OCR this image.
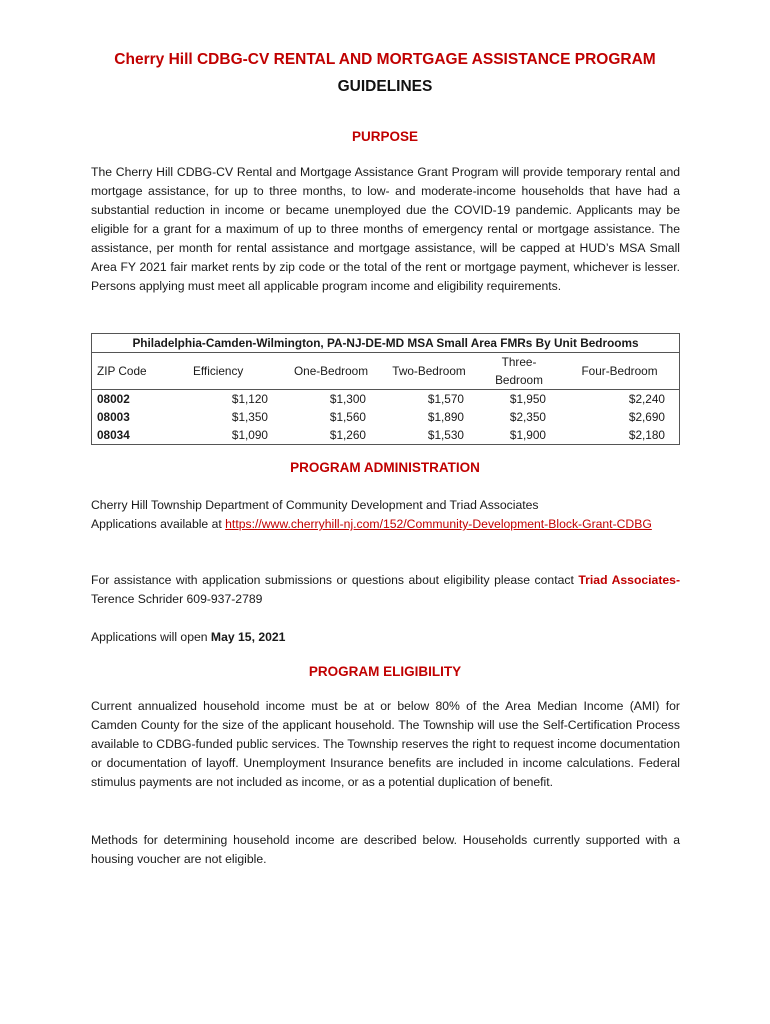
Cherry Hill CDBG-CV RENTAL AND MORTGAGE ASSISTANCE PROGRAM
GUIDELINES
PURPOSE
The Cherry Hill CDBG-CV Rental and Mortgage Assistance Grant Program will provide temporary rental and mortgage assistance, for up to three months, to low- and moderate-income households that have had a substantial reduction in income or became unemployed due the COVID-19 pandemic. Applicants may be eligible for a grant for a maximum of up to three months of emergency rental or mortgage assistance. The assistance, per month for rental assistance and mortgage assistance, will be capped at HUD’s MSA Small Area FY 2021 fair market rents by zip code or the total of the rent or mortgage payment, whichever is lesser. Persons applying must meet all applicable program income and eligibility requirements.
Philadelphia-Camden-Wilmington, PA-NJ-DE-MD MSA Small Area FMRs By Unit Bedrooms					
ZIP Code	Efficiency	One-Bedroom	Two-Bedroom	Three-Bedroom	Four-Bedroom
08002	$1,120	$1,300	$1,570	$1,950	$2,240
08003	$1,350	$1,560	$1,890	$2,350	$2,690
08034	$1,090	$1,260	$1,530	$1,900	$2,180
PROGRAM ADMINISTRATION
Cherry Hill Township Department of Community Development and Triad Associates
Applications available at https://www.cherryhill-nj.com/152/Community-Development-Block-Grant-CDBG
For assistance with application submissions or questions about eligibility please contact Triad Associates- Terence Schrider 609-937-2789
Applications will open May 15, 2021
PROGRAM ELIGIBILITY
Current annualized household income must be at or below 80% of the Area Median Income (AMI) for Camden County for the size of the applicant household. The Township will use the Self-Certification Process available to CDBG-funded public services. The Township reserves the right to request income documentation or documentation of layoff. Unemployment Insurance benefits are included in income calculations. Federal stimulus payments are not included as income, or as a potential duplication of benefit.
Methods for determining household income are described below. Households currently supported with a housing voucher are not eligible.
